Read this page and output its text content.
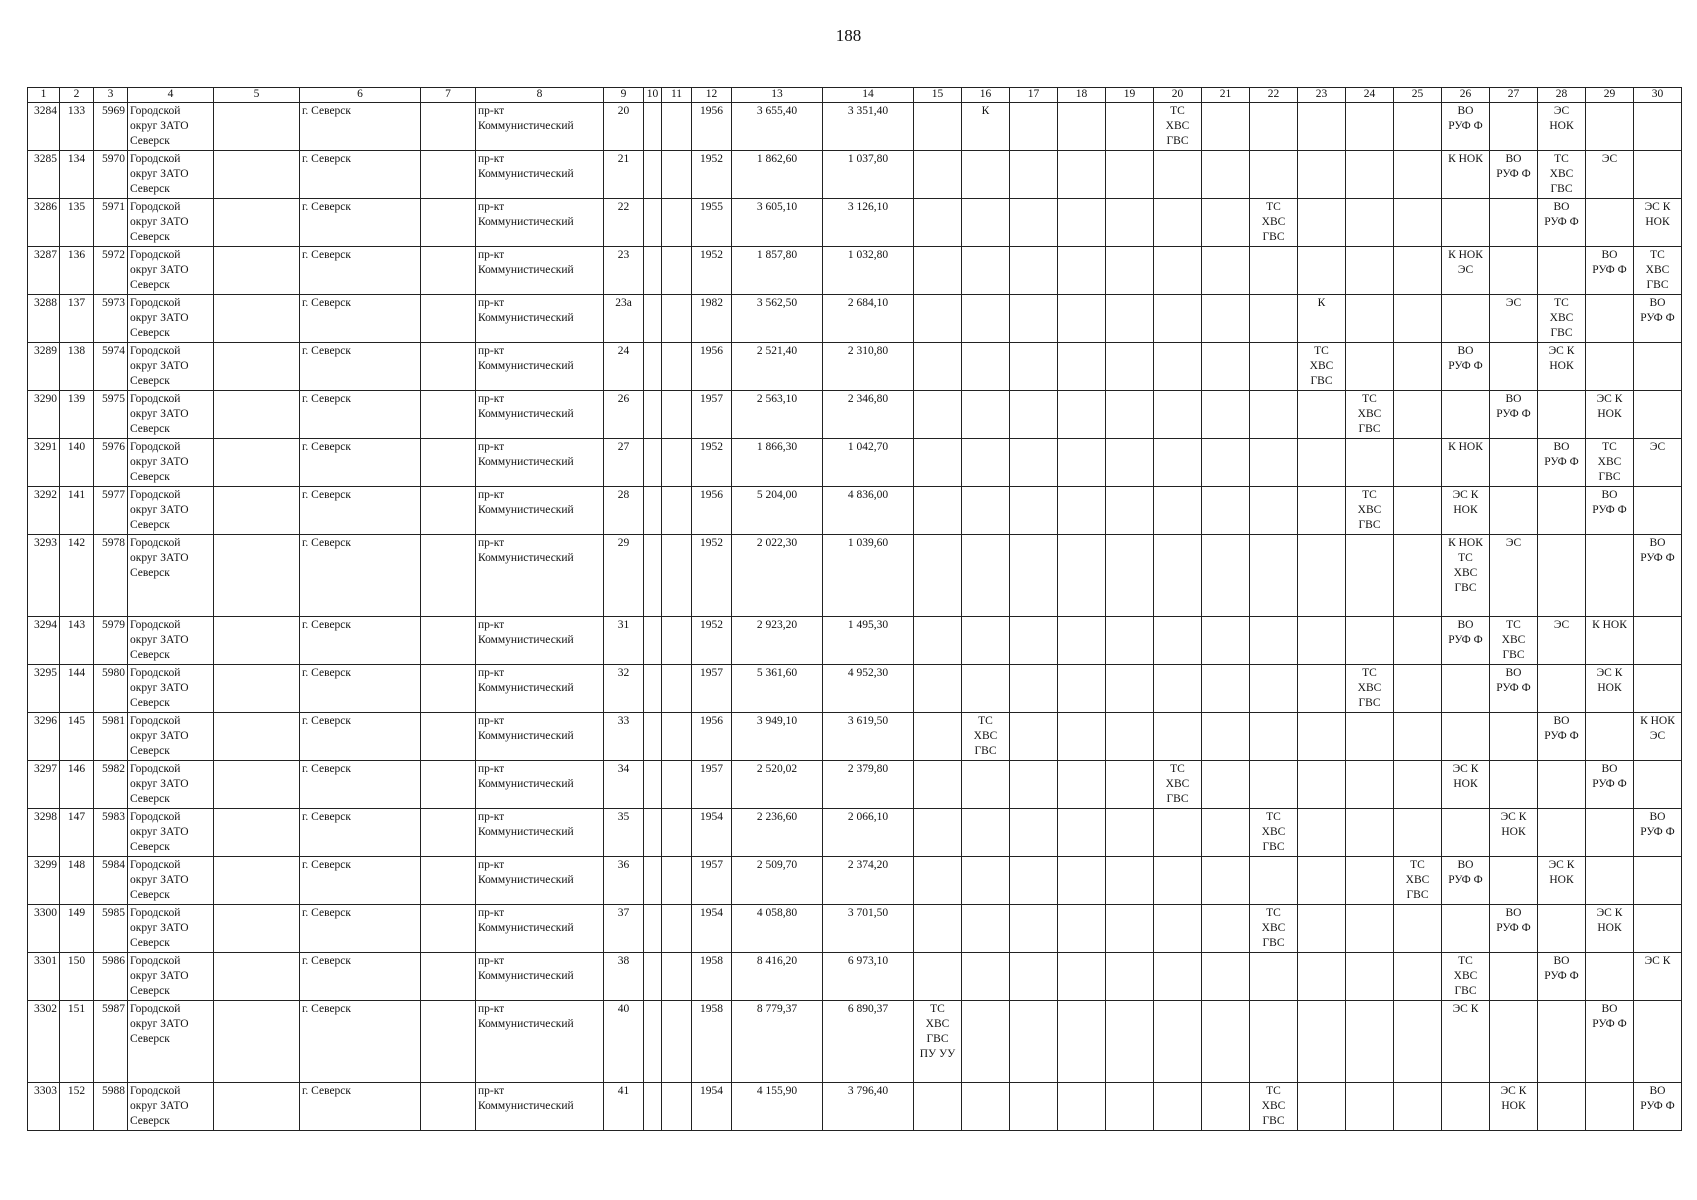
188
1	2	3	4	5	6	7	8	9	10	11	12	13	14	15	16	17	18	19	20	21	22	23	24	25	26	27	28	29	30
3284	133	5969	Городской
округ ЗАТО
Северск		г. Северск		пр-кт
Коммунистический	20			1956	3 655,40	3 351,40		К				ТС
ХВС
ГВС						ВО
РУФ Ф		ЭС
НОК		

3285	134	5970	Городской
округ ЗАТО
Северск		г. Северск		пр-кт
Коммунистический	21			1952	1 862,60	1 037,80												К НОК	ВО
РУФ Ф	ТС
ХВС
ГВС	ЭС	

3286	135	5971	Городской
округ ЗАТО
Северск		г. Северск		пр-кт
Коммунистический	22			1955	3 605,10	3 126,10								ТС
ХВС
ГВС						ВО
РУФ Ф		ЭС К
НОК

3287	136	5972	Городской
округ ЗАТО
Северск		г. Северск		пр-кт
Коммунистический	23			1952	1 857,80	1 032,80												К НОК
ЭС			ВО
РУФ Ф	ТС
ХВС
ГВС

3288	137	5973	Городской
округ ЗАТО
Северск		г. Северск		пр-кт
Коммунистический	23а			1982	3 562,50	2 684,10									К				ЭС	ТС
ХВС
ГВС		ВО
РУФ Ф

3289	138	5974	Городской
округ ЗАТО
Северск		г. Северск		пр-кт
Коммунистический	24			1956	2 521,40	2 310,80									ТС
ХВС
ГВС			ВО
РУФ Ф		ЭС К
НОК		

3290	139	5975	Городской
округ ЗАТО
Северск		г. Северск		пр-кт
Коммунистический	26			1957	2 563,10	2 346,80										ТС
ХВС
ГВС			ВО
РУФ Ф		ЭС К
НОК	

3291	140	5976	Городской
округ ЗАТО
Северск		г. Северск		пр-кт
Коммунистический	27			1952	1 866,30	1 042,70												К НОК		ВО
РУФ Ф	ТС
ХВС
ГВС	ЭС

3292	141	5977	Городской
округ ЗАТО
Северск		г. Северск		пр-кт
Коммунистический	28			1956	5 204,00	4 836,00										ТС
ХВС
ГВС		ЭС К
НОК			ВО
РУФ Ф	

3293	142	5978	Городской
округ ЗАТО
Северск		г. Северск		пр-кт
Коммунистический	29			1952	2 022,30	1 039,60												К НОК
ТС
ХВС
ГВС	ЭС			ВО
РУФ Ф

3294	143	5979	Городской
округ ЗАТО
Северск		г. Северск		пр-кт
Коммунистический	31			1952	2 923,20	1 495,30												ВО
РУФ Ф	ТС
ХВС
ГВС	ЭС	К НОК	

3295	144	5980	Городской
округ ЗАТО
Северск		г. Северск		пр-кт
Коммунистический	32			1957	5 361,60	4 952,30										ТС
ХВС
ГВС			ВО
РУФ Ф		ЭС К
НОК	

3296	145	5981	Городской
округ ЗАТО
Северск		г. Северск		пр-кт
Коммунистический	33			1956	3 949,10	3 619,50		ТС
ХВС
ГВС												ВО
РУФ Ф		К НОК
ЭС

3297	146	5982	Городской
округ ЗАТО
Северск		г. Северск		пр-кт
Коммунистический	34			1957	2 520,02	2 379,80						ТС
ХВС
ГВС						ЭС К
НОК			ВО
РУФ Ф	

3298	147	5983	Городской
округ ЗАТО
Северск		г. Северск		пр-кт
Коммунистический	35			1954	2 236,60	2 066,10								ТС
ХВС
ГВС					ЭС К
НОК			ВО
РУФ Ф

3299	148	5984	Городской
округ ЗАТО
Северск		г. Северск		пр-кт
Коммунистический	36			1957	2 509,70	2 374,20											ТС
ХВС
ГВС	ВО
РУФ Ф		ЭС К
НОК		

3300	149	5985	Городской
округ ЗАТО
Северск		г. Северск		пр-кт
Коммунистический	37			1954	4 058,80	3 701,50								ТС
ХВС
ГВС					ВО
РУФ Ф		ЭС К
НОК	

3301	150	5986	Городской
округ ЗАТО
Северск		г. Северск		пр-кт
Коммунистический	38			1958	8 416,20	6 973,10												ТС
ХВС
ГВС		ВО
РУФ Ф		ЭС К

3302	151	5987	Городской
округ ЗАТО
Северск		г. Северск		пр-кт
Коммунистический	40			1958	8 779,37	6 890,37	ТС
ХВС
ГВС
ПУ УУ											ЭС К			ВО
РУФ Ф	

3303	152	5988	Городской
округ ЗАТО
Северск		г. Северск		пр-кт
Коммунистический	41			1954	4 155,90	3 796,40								ТС
ХВС
ГВС					ЭС К
НОК			ВО
РУФ Ф
